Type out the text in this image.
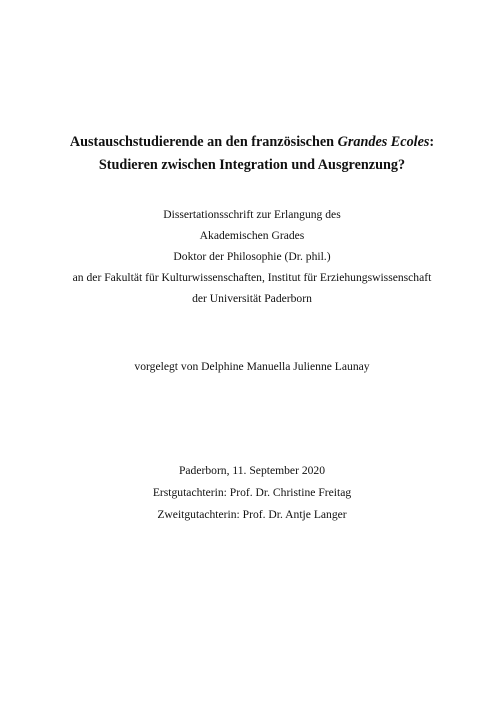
Austauschstudierende an den französischen Grandes Ecoles:
Studieren zwischen Integration und Ausgrenzung?
Dissertationsschrift zur Erlangung des
Akademischen Grades
Doktor der Philosophie (Dr. phil.)
an der Fakultät für Kulturwissenschaften, Institut für Erziehungswissenschaft
der Universität Paderborn
vorgelegt von Delphine Manuella Julienne Launay
Paderborn, 11. September 2020
Erstgutachterin: Prof. Dr. Christine Freitag
Zweitgutachterin: Prof. Dr. Antje Langer
